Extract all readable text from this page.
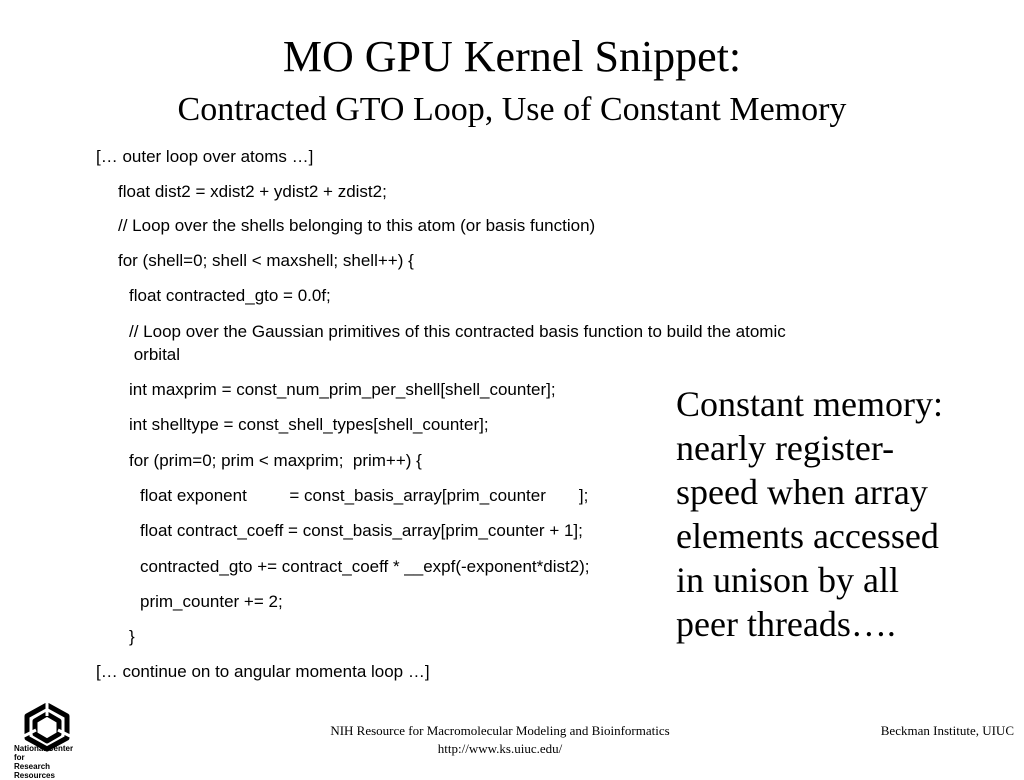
MO GPU Kernel Snippet:
Contracted GTO Loop, Use of Constant Memory
[… outer loop over atoms …]
float dist2 = xdist2 + ydist2 + zdist2;
// Loop over the shells belonging to this atom (or basis function)
for (shell=0; shell < maxshell; shell++) {
float contracted_gto = 0.0f;
// Loop over the Gaussian primitives of this contracted basis function to build the atomic
orbital
int maxprim = const_num_prim_per_shell[shell_counter];
int shelltype = const_shell_types[shell_counter];
for (prim=0; prim < maxprim;  prim++) {
float exponent         = const_basis_array[prim_counter       ];
float contract_coeff = const_basis_array[prim_counter + 1];
contracted_gto += contract_coeff * __expf(-exponent*dist2);
prim_counter += 2;
}
[… continue on to angular momenta loop …]
Constant memory:
nearly register-
speed when array
elements accessed
in unison by all
peer threads….
National Center for
Research Resources
NIH Resource for Macromolecular Modeling and Bioinformatics
http://www.ks.uiuc.edu/
Beckman Institute, UIUC
